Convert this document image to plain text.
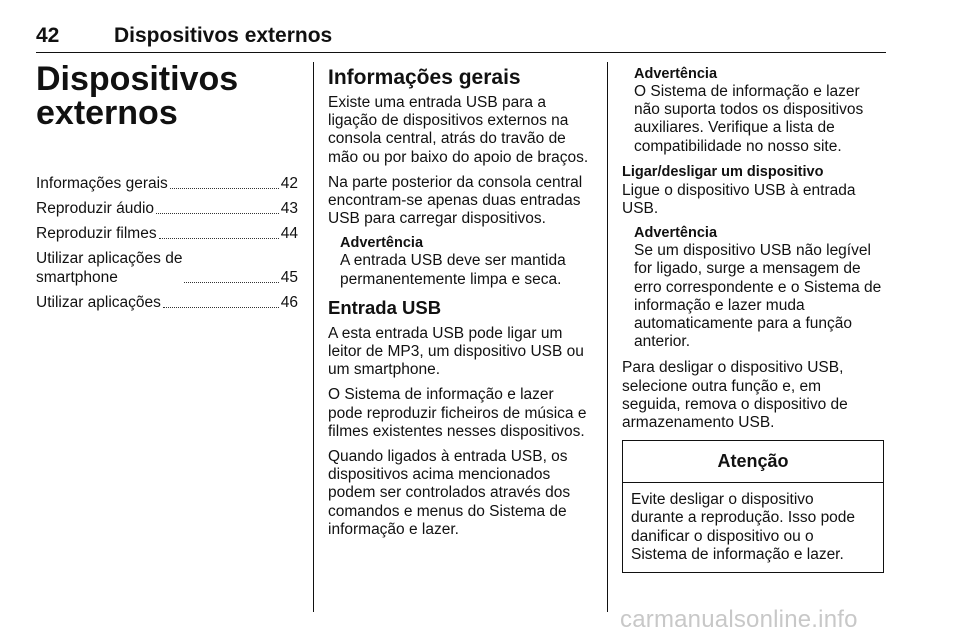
42	Dispositivos externos
Dispositivos
externos
Informações gerais	42
Reproduzir áudio	43
Reproduzir filmes	44
Utilizar aplicações de
smartphone	45
Utilizar aplicações	46
Informações gerais

Existe uma entrada USB para a
ligação de dispositivos externos na
consola central, atrás do travão de
mão ou por baixo do apoio de braços.

Na parte posterior da consola central
encontram-se apenas duas entradas
USB para carregar dispositivos.

Advertência
A entrada USB deve ser mantida
permanentemente limpa e seca.
Entrada USB

A esta entrada USB pode ligar um
leitor de MP3, um dispositivo USB ou
um smartphone.

O Sistema de informação e lazer
pode reproduzir ficheiros de música e
filmes existentes nesses dispositivos.

Quando ligados à entrada USB, os
dispositivos acima mencionados
podem ser controlados através dos
comandos e menus do Sistema de
informação e lazer.

Advertência
O Sistema de informação e lazer
não suporta todos os dispositivos
auxiliares. Verifique a lista de
compatibilidade no nosso site.
Ligar/desligar um dispositivo

Ligue o dispositivo USB à entrada
USB.

Advertência
Se um dispositivo USB não legível
for ligado, surge a mensagem de
erro correspondente e o Sistema de
informação e lazer muda
automaticamente para a função
anterior.

Para desligar o dispositivo USB,
selecione outra função e, em
seguida, remova o dispositivo de
armazenamento USB.

Atenção
Evite desligar o dispositivo
durante a reprodução. Isso pode
danificar o dispositivo ou o
Sistema de informação e lazer.
carmanualsonline.info
